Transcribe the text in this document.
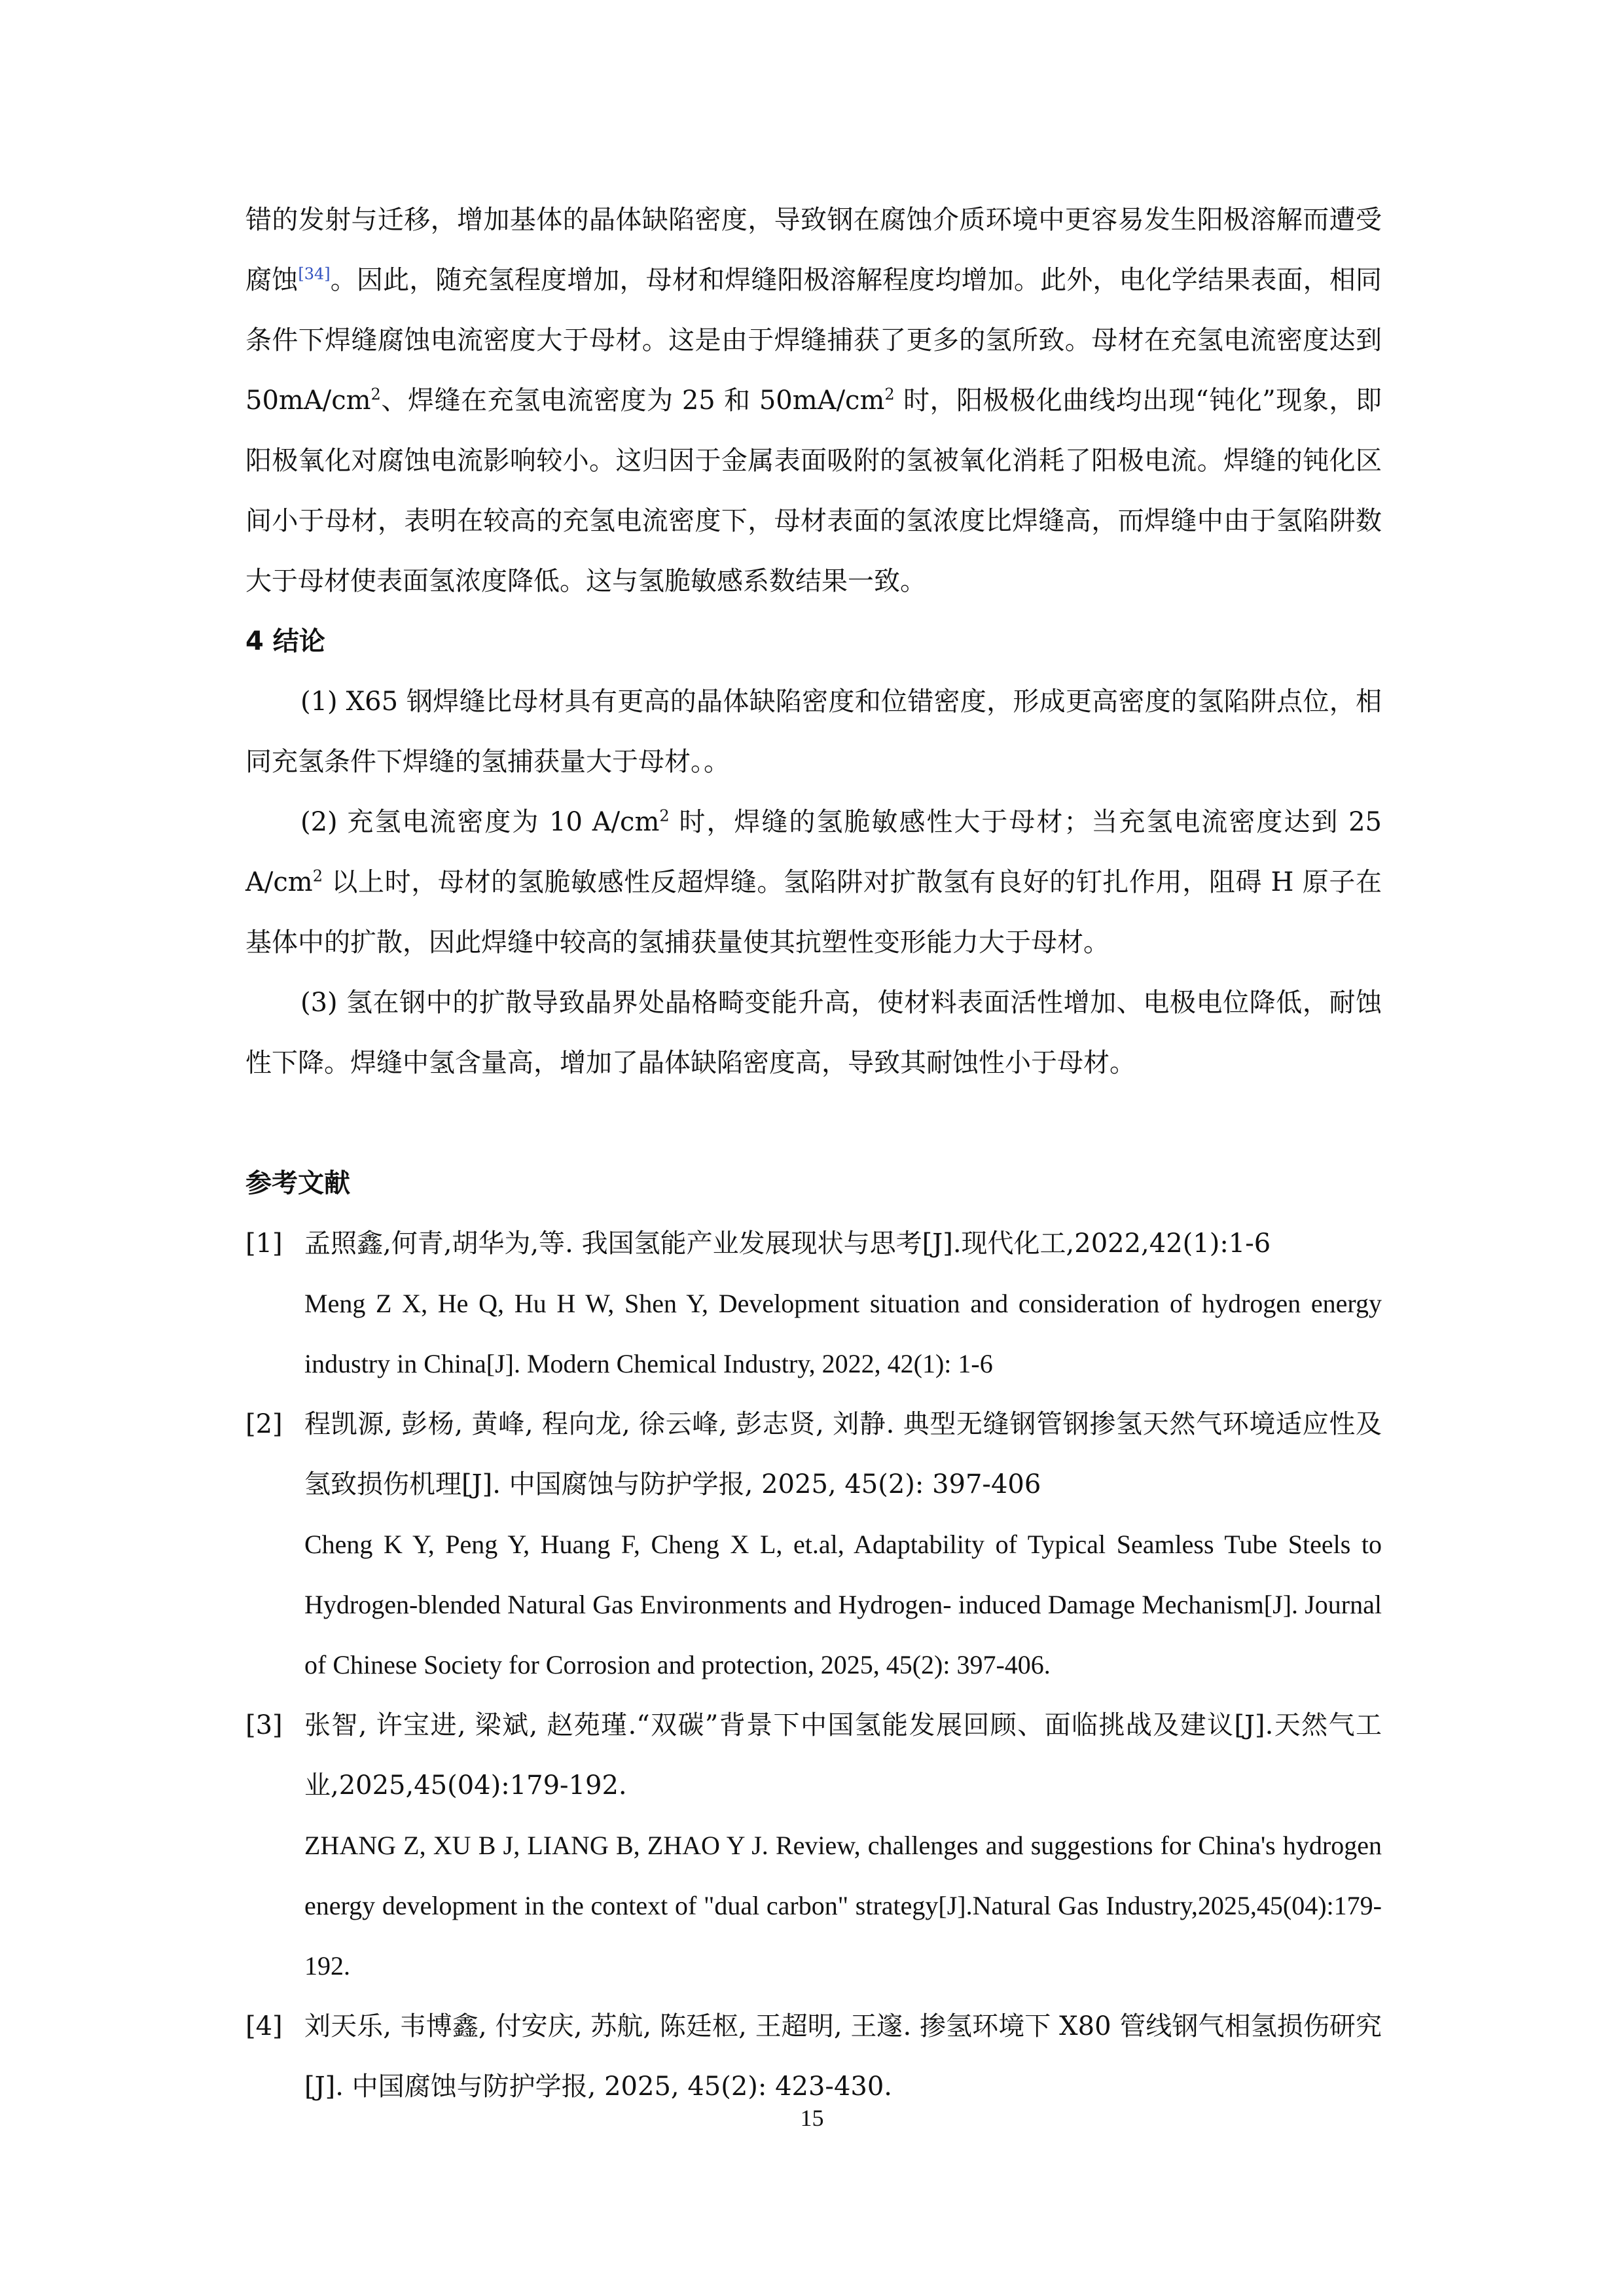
错的发射与迁移，增加基体的晶体缺陷密度，导致钢在腐蚀介质环境中更容易发生阳极溶解而遭受腐蚀[34]。因此，随充氢程度增加，母材和焊缝阳极溶解程度均增加。此外，电化学结果表面，相同条件下焊缝腐蚀电流密度大于母材。这是由于焊缝捕获了更多的氢所致。母材在充氢电流密度达到 $50mA/cm^2$、焊缝在充氢电流密度为 25 和 $50mA/cm^2$ 时，阳极极化曲线均出现“钝化”现象，即阳极氧化对腐蚀电流影响较小。这归因于金属表面吸附的氢被氧化消耗了阳极电流。焊缝的钝化区间小于母材，表明在较高的充氢电流密度下，母材表面的氢浓度比焊缝高，而焊缝中由于氢陷阱数大于母材使表面氢浓度降低。这与氢脆敏感系数结果一致。

4 结论

(1) X65 钢焊缝比母材具有更高的晶体缺陷密度和位错密度，形成更高密度的氢陷阱点位，相同充氢条件下焊缝的氢捕获量大于母材。。

(2) 充氢电流密度为 10 $A/cm^2$ 时，焊缝的氢脆敏感性大于母材；当充氢电流密度达到 25 $A/cm^2$ 以上时，母材的氢脆敏感性反超焊缝。氢陷阱对扩散氢有良好的钉扎作用，阻碍 H 原子在基体中的扩散，因此焊缝中较高的氢捕获量使其抗塑性变形能力大于母材。

(3) 氢在钢中的扩散导致晶界处晶格畸变能升高，使材料表面活性增加、电极电位降低，耐蚀性下降。焊缝中氢含量高，增加了晶体缺陷密度高，导致其耐蚀性小于母材。

参考文献
[1] 孟照鑫,何青,胡华为,等. 我国氢能产业发展现状与思考[J].现代化工,2022,42(1):1-6
Meng Z X, He Q, Hu H W, Shen Y, Development situation and consideration of hydrogen energy industry in China[J]. Modern Chemical Industry, 2022, 42(1): 1-6
[2] 程凯源, 彭杨, 黄峰, 程向龙, 徐云峰, 彭志贤, 刘静. 典型无缝钢管钢掺氢天然气环境适应性及氢致损伤机理[J]. 中国腐蚀与防护学报, 2025, 45(2): 397-406
Cheng K Y, Peng Y, Huang F, Cheng X L, et.al, Adaptability of Typical Seamless Tube Steels to Hydrogen-blended Natural Gas Environments and Hydrogen- induced Damage Mechanism[J]. Journal of Chinese Society for Corrosion and protection, 2025, 45(2): 397-406.
[3] 张智, 许宝进, 梁斌, 赵苑瑾.“双碳”背景下中国氢能发展回顾、面临挑战及建议[J].天然气工业,2025,45(04):179-192.
ZHANG Z, XU B J, LIANG B, ZHAO Y J. Review, challenges and suggestions for China's hydrogen energy development in the context of "dual carbon" strategy[J].Natural Gas Industry,2025,45(04):179-192.
[4] 刘天乐, 韦博鑫, 付安庆, 苏航, 陈廷枢, 王超明, 王邃. 掺氢环境下 X80 管线钢气相氢损伤研究[J]. 中国腐蚀与防护学报, 2025, 45(2): 423-430.
15
